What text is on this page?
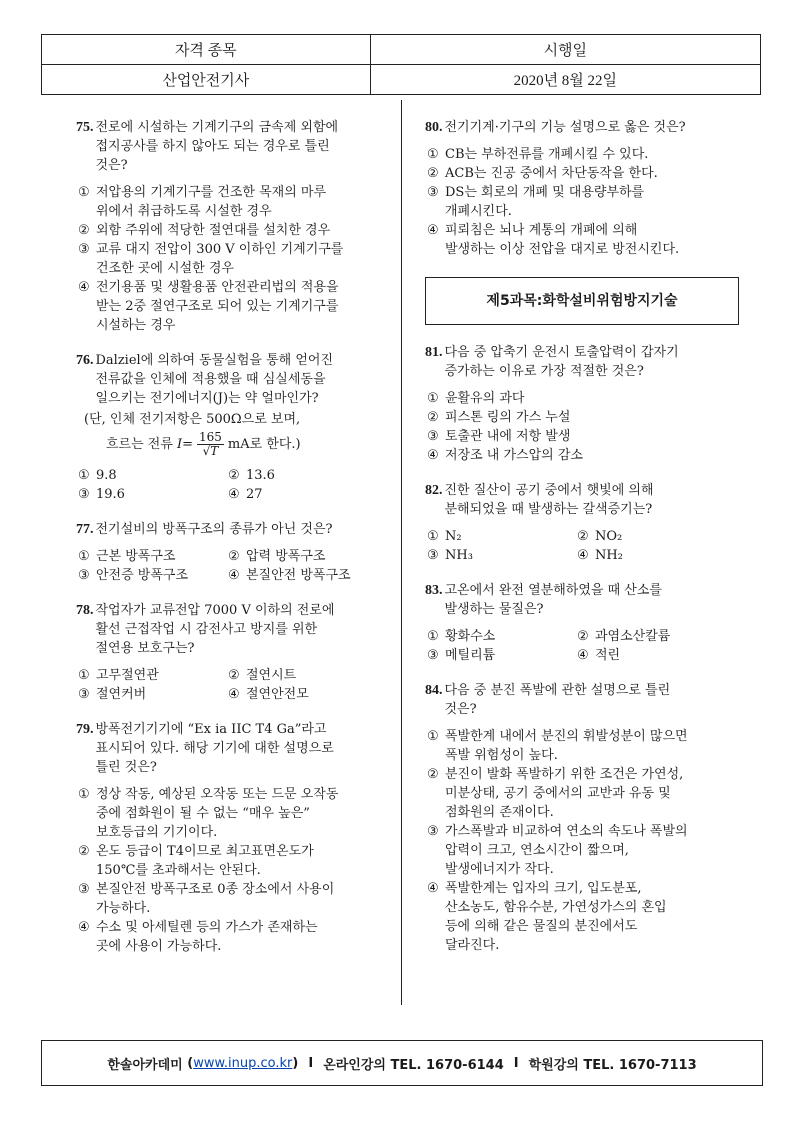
자격 종목	시행일
산업안전기사	2020년 8월 22일
75. 전로에 시설하는 기계기구의 금속제 외함에
접지공사를 하지 않아도 되는 경우로 틀린
것은?
① 저압용의 기계기구를 건조한 목재의 마루
위에서 취급하도록 시설한 경우
② 외함 주위에 적당한 절연대를 설치한 경우
③ 교류 대지 전압이 300 V 이하인 기계기구를
건조한 곳에 시설한 경우
④ 전기용품 및 생활용품 안전관리법의 적용을
받는 2중 절연구조로 되어 있는 기계기구를
시설하는 경우
76. Dalziel에 의하여 동물실험을 통해 얻어진
전류값을 인체에 적용했을 때 심실세동을
일으키는 전기에너지(J)는 약 얼마인가?
(단, 인체 전기저항은 500Ω으로 보며,
흐르는 전류 $I= \frac{165}{√T}$ mA로 한다.)
① 9.8	② 13.6
③ 19.6	④ 27
77. 전기설비의 방폭구조의 종류가 아닌 것은?
① 근본 방폭구조	② 압력 방폭구조
③ 안전증 방폭구조	④ 본질안전 방폭구조
78. 작업자가 교류전압 7000 V 이하의 전로에
활선 근접작업 시 감전사고 방지를 위한
절연용 보호구는?
① 고무절연관	② 절연시트
③ 절연커버	④ 절연안전모
79. 방폭전기기기에 “Ex ia IIC T4 Ga”라고
표시되어 있다. 해당 기기에 대한 설명으로
틀린 것은?
① 정상 작동, 예상된 오작동 또는 드문 오작동
중에 점화원이 될 수 없는 “매우 높은”
보호등급의 기기이다.
② 온도 등급이 T4이므로 최고표면온도가
150℃를 초과해서는 안된다.
③ 본질안전 방폭구조로 0종 장소에서 사용이
가능하다.
④ 수소 및 아세틸렌 등의 가스가 존재하는
곳에 사용이 가능하다.
80. 전기기계·기구의 기능 설명으로 옳은 것은?
① CB는 부하전류를 개폐시킬 수 있다.
② ACB는 진공 중에서 차단동작을 한다.
③ DS는 회로의 개폐 및 대용량부하를
개폐시킨다.
④ 피뢰침은 뇌나 계통의 개폐에 의해
발생하는 이상 전압을 대지로 방전시킨다.
제5과목:화학설비위험방지기술
81. 다음 중 압축기 운전시 토출압력이 갑자기
증가하는 이유로 가장 적절한 것은?
① 윤활유의 과다
② 피스톤 링의 가스 누설
③ 토출관 내에 저항 발생
④ 저장조 내 가스압의 감소
82. 진한 질산이 공기 중에서 햇빛에 의해
분해되었을 때 발생하는 갈색증기는?
① N₂	② NO₂
③ NH₃	④ NH₂
83. 고온에서 완전 열분해하였을 때 산소를
발생하는 물질은?
① 황화수소	② 과염소산칼륨
③ 메틸리튬	④ 적린
84. 다음 중 분진 폭발에 관한 설명으로 틀린
것은?
① 폭발한계 내에서 분진의 휘발성분이 많으면
폭발 위험성이 높다.
② 분진이 발화 폭발하기 위한 조건은 가연성,
미분상태, 공기 중에서의 교반과 유동 및
점화원의 존재이다.
③ 가스폭발과 비교하여 연소의 속도나 폭발의
압력이 크고, 연소시간이 짧으며,
발생에너지가 작다.
④ 폭발한계는 입자의 크기, 입도분포,
산소농도, 함유수분, 가연성가스의 혼입
등에 의해 같은 물질의 분진에서도
달라진다.
한솔아카데미 ( www.inup.co.kr ) I 온라인강의 TEL. 1670-6144 I 학원강의 TEL. 1670-7113
